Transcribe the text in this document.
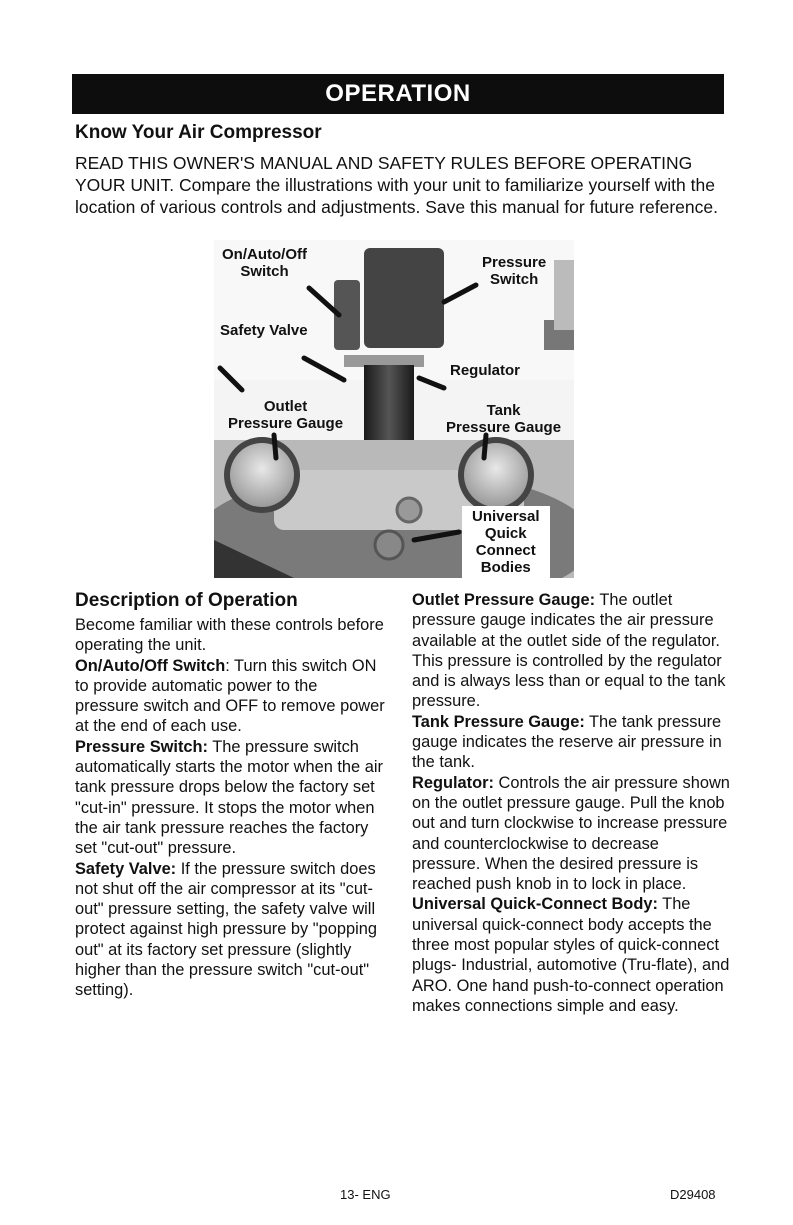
OPERATION
Know Your Air Compressor
READ THIS OWNER'S MANUAL AND SAFETY RULES BEFORE OPERATING YOUR UNIT. Compare the illustrations with your unit to familiarize yourself with the location of various controls and adjustments. Save this manual for future reference.
On/Auto/Off
Switch
Pressure
Switch
Safety Valve
Regulator
Outlet
Pressure Gauge
Tank
Pressure Gauge
Universal
Quick
Connect
Bodies
Description of Operation

Become familiar with these controls before operating the unit.

On/Auto/Off Switch: Turn this switch ON to provide automatic power to the pressure switch and OFF to remove power at the end of each use.

Pressure Switch: The pressure switch automatically starts the motor when the air tank pressure drops below the factory set "cut-in" pressure. It stops the motor when the air tank pressure reaches the factory set "cut-out" pressure.

Safety Valve: If the pressure switch does not shut off the air compressor at its "cut-out" pressure setting, the safety valve will protect against high pressure by "popping out" at its factory set pressure (slightly higher than the pressure switch "cut-out" setting).

Outlet Pressure Gauge: The outlet pressure gauge indicates the air pressure available at the outlet side of the regulator. This pressure is controlled by the regulator and is always less than or equal to the tank pressure.

Tank Pressure Gauge: The tank pressure gauge indicates the reserve air pressure in the tank.

Regulator: Controls the air pressure shown on the outlet pressure gauge. Pull the knob out and turn clockwise to increase pressure and counterclockwise to decrease pressure. When the desired pressure is reached push knob in to lock in place.

Universal Quick-Connect Body: The universal quick-connect body accepts the three most popular styles of quick-connect plugs- Industrial, automotive (Tru-flate), and ARO. One hand push-to-connect operation makes connections simple and easy.

13- ENG	D29408
